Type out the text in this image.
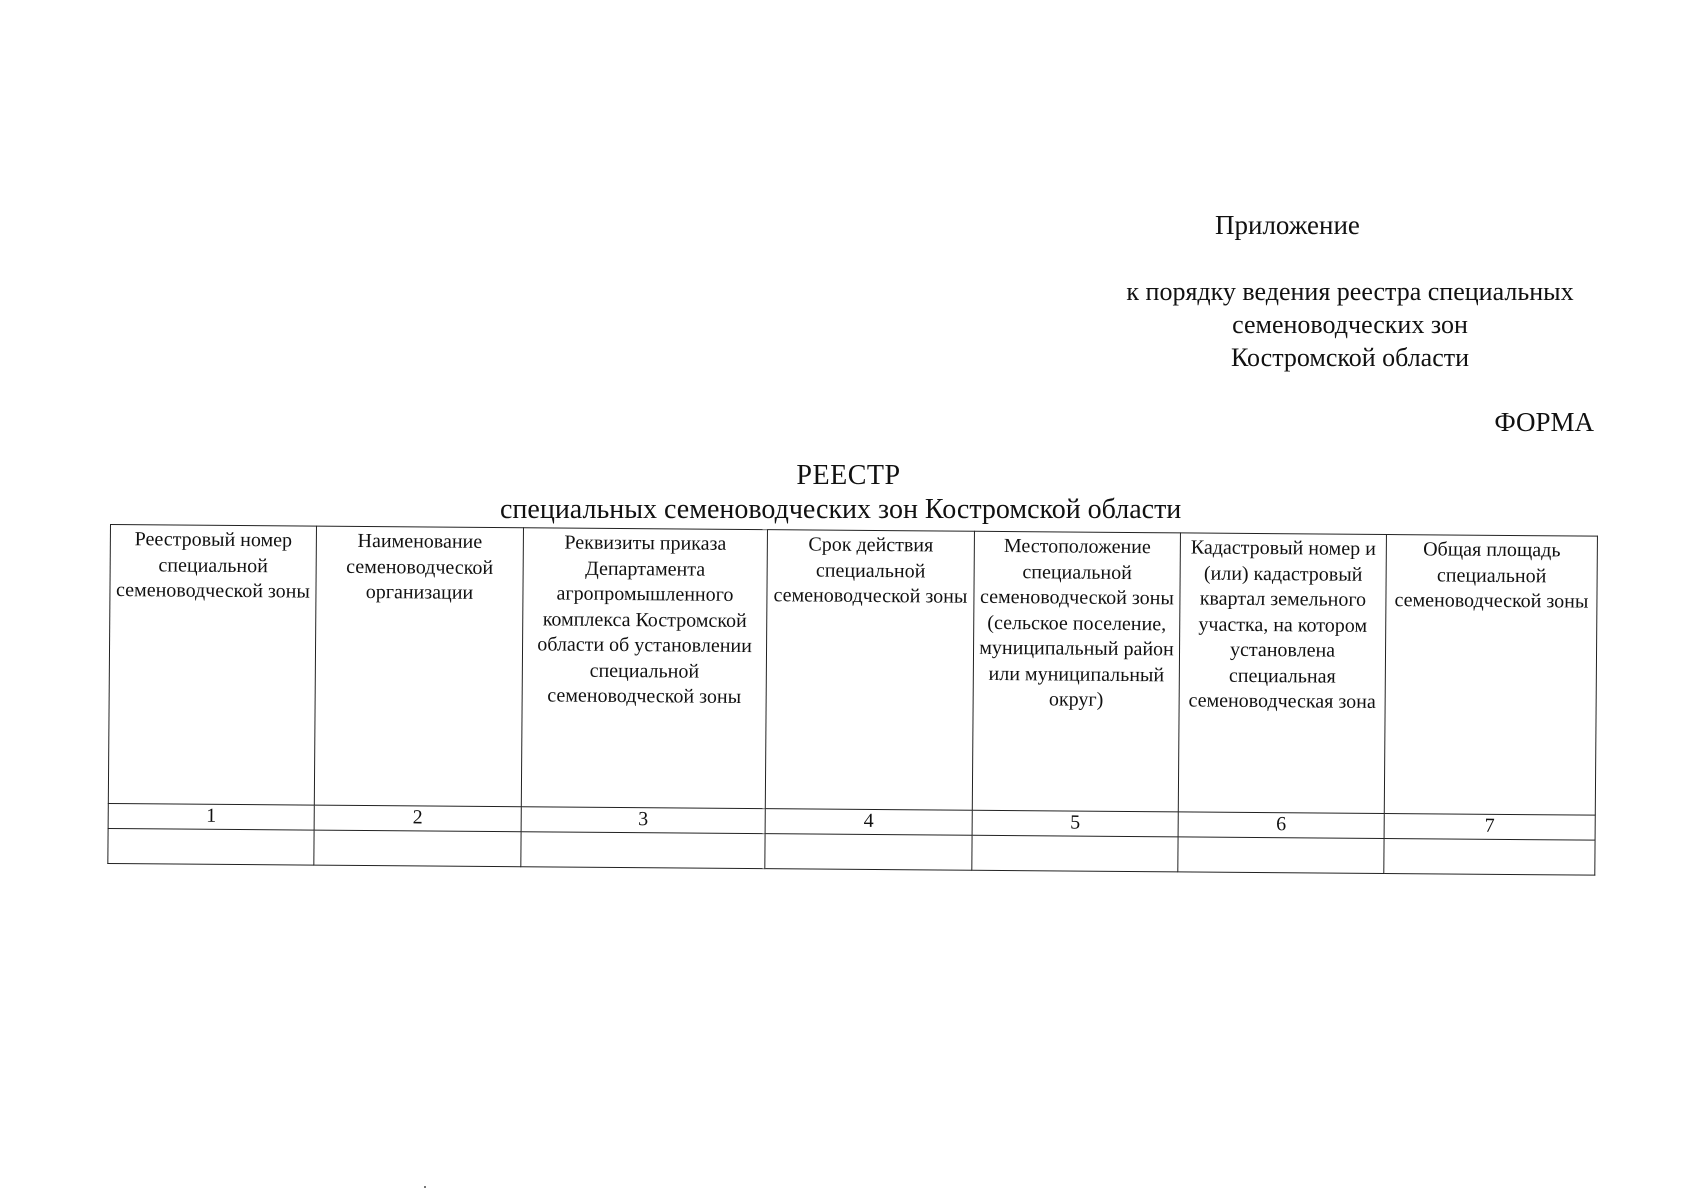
Приложение
к порядку ведения реестра специальных
семеноводческих зон
Костромской области
ФОРМА
РЕЕСТР
специальных семеноводческих зон Костромской области
Реестровый номер специальной семеноводческой зоны	Наименование семеноводческой организации	Реквизиты приказа Департамента агропромышленного комплекса Костромской области об установлении специальной семеноводческой зоны	Срок действия специальной семеноводческой зоны	Местоположение специальной семеноводческой зоны (сельское поселение, муниципальный район или муниципальный округ)	Кадастровый номер и (или) кадастровый квартал земельного участка, на котором установлена специальная семеноводческая зона	Общая площадь специальной семеноводческой зоны
1	2	3	4	5	6	7
